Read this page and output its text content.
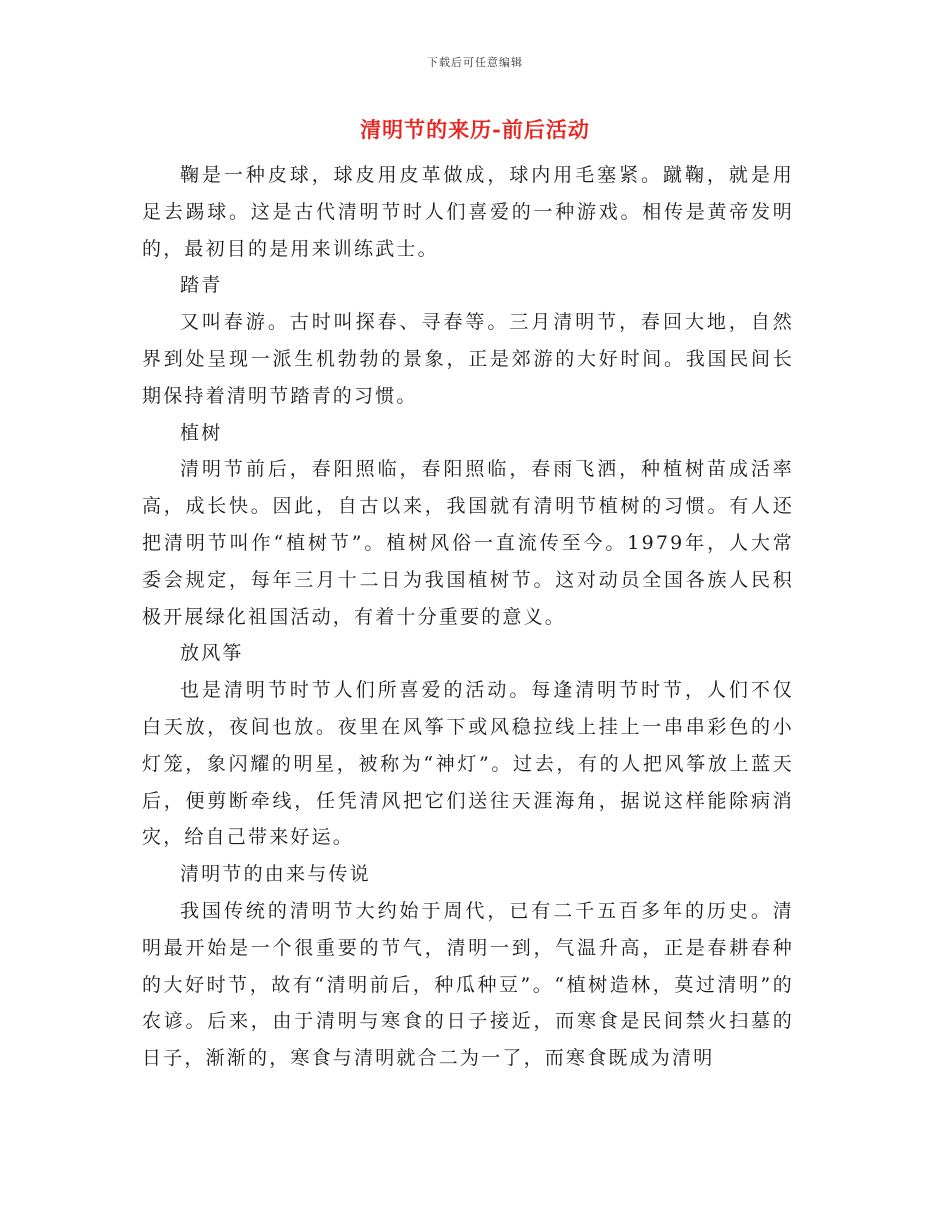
下载后可任意编辑
清明节的来历-前后活动

鞠是一种皮球，球皮用皮革做成，球内用毛塞紧。蹴鞠，就是用足去踢球。这是古代清明节时人们喜爱的一种游戏。相传是黄帝发明的，最初目的是用来训练武士。

踏青

又叫春游。古时叫探春、寻春等。三月清明节，春回大地，自然界到处呈现一派生机勃勃的景象，正是郊游的大好时间。我国民间长期保持着清明节踏青的习惯。

植树

清明节前后，春阳照临，春阳照临，春雨飞洒，种植树苗成活率高，成长快。因此，自古以来，我国就有清明节植树的习惯。有人还把清明节叫作“植树节”。植树风俗一直流传至今。1979年，人大常委会规定，每年三月十二日为我国植树节。这对动员全国各族人民积极开展绿化祖国活动，有着十分重要的意义。

放风筝

也是清明节时节人们所喜爱的活动。每逢清明节时节，人们不仅白天放，夜间也放。夜里在风筝下或风稳拉线上挂上一串串彩色的小灯笼，象闪耀的明星，被称为“神灯”。过去，有的人把风筝放上蓝天后，便剪断牵线，任凭清风把它们送往天涯海角，据说这样能除病消灾，给自己带来好运。

清明节的由来与传说

我国传统的清明节大约始于周代，已有二千五百多年的历史。清明最开始是一个很重要的节气，清明一到，气温升高，正是春耕春种的大好时节，故有“清明前后，种瓜种豆”。“植树造林，莫过清明”的农谚。后来，由于清明与寒食的日子接近，而寒食是民间禁火扫墓的日子，渐渐的，寒食与清明就合二为一了，而寒食既成为清明
